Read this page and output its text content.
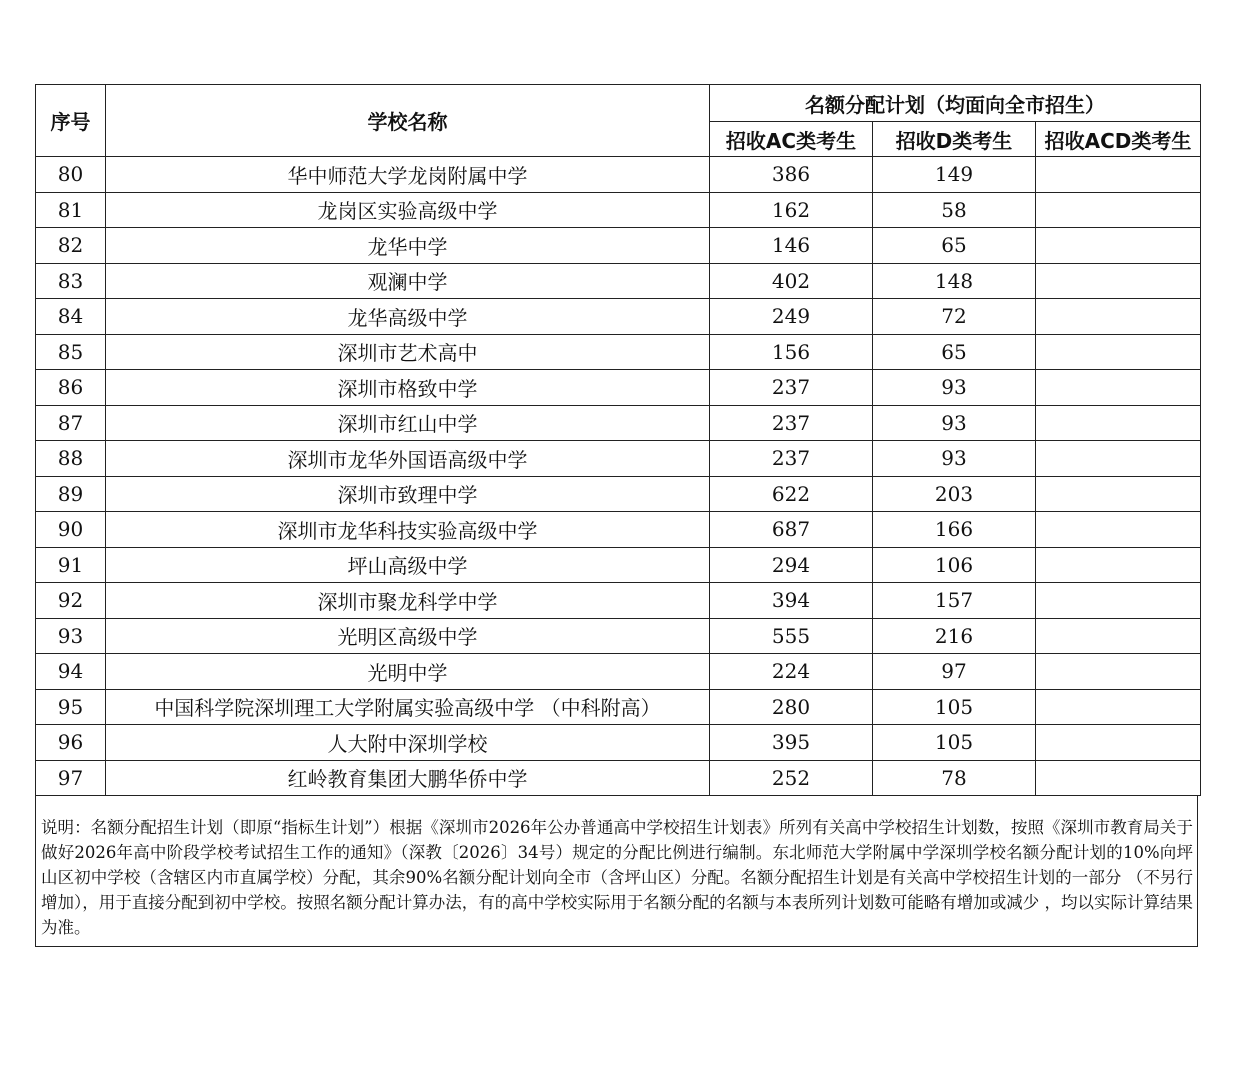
序号	学校名称	名额分配计划（均面向全市招生）		
		招收AC类考生	招收D类考生	招收ACD类考生
80	华中师范大学龙岗附属中学	386	149	
81	龙岗区实验高级中学	162	58	
82	龙华中学	146	65	
83	观澜中学	402	148	
84	龙华高级中学	249	72	
85	深圳市艺术高中	156	65	
86	深圳市格致中学	237	93	
87	深圳市红山中学	237	93	
88	深圳市龙华外国语高级中学	237	93	
89	深圳市致理中学	622	203	
90	深圳市龙华科技实验高级中学	687	166	
91	坪山高级中学	294	106	
92	深圳市聚龙科学中学	394	157	
93	光明区高级中学	555	216	
94	光明中学	224	97	
95	中国科学院深圳理工大学附属实验高级中学 （中科附高）	280	105	
96	人大附中深圳学校	395	105	
97	红岭教育集团大鹏华侨中学	252	78	
说明：名额分配招生计划（即原“指标生计划”）根据《深圳市2026年公办普通高中学校招生计划表》所列有关高中学校招生计划数，按照《深圳市教育局关于做好2026年高中阶段学校考试招生工作的通知》（深教〔2026〕34号）规定的分配比例进行编制。东北师范大学附属中学深圳学校名额分配计划的10%向坪山区初中学校（含辖区内市直属学校）分配，其余90%名额分配计划向全市（含坪山区）分配。名额分配招生计划是有关高中学校招生计划的一部分 （不另行增加），用于直接分配到初中学校。按照名额分配计算办法，有的高中学校实际用于名额分配的名额与本表所列计划数可能略有增加或减少 ，均以实际计算结果为准。
